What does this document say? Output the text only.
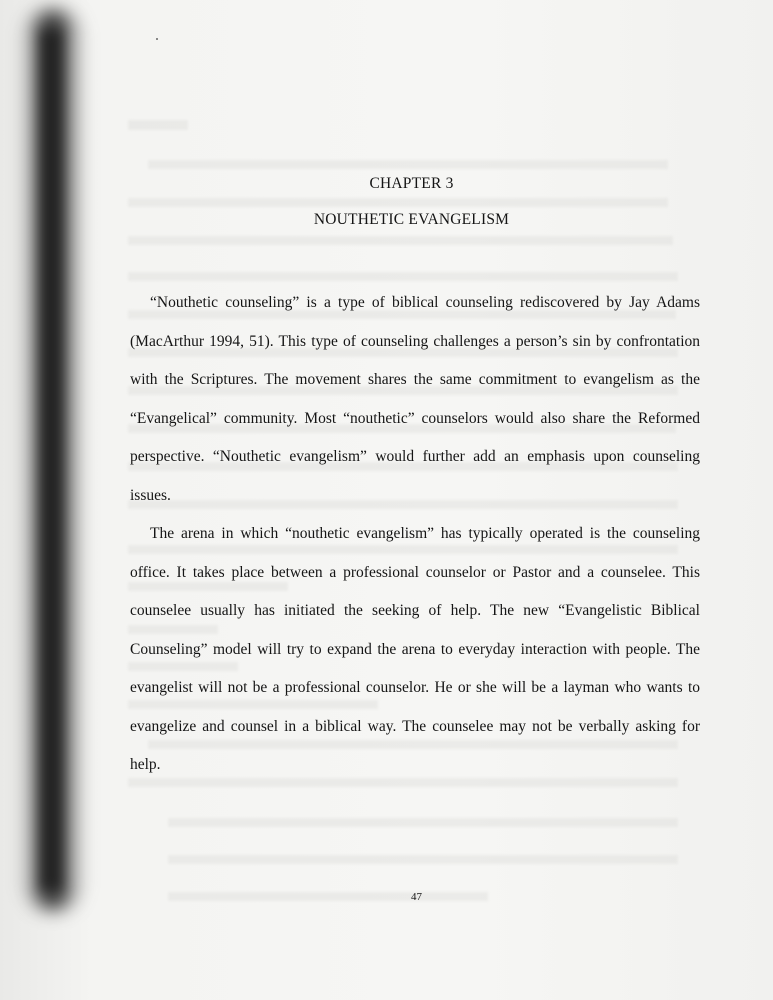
CHAPTER 3
NOUTHETIC EVANGELISM

“Nouthetic counseling” is a type of biblical counseling rediscovered by Jay Adams (MacArthur 1994, 51). This type of counseling challenges a person’s sin by confrontation with the Scriptures. The movement shares the same commitment to evangelism as the “Evangelical” community. Most “nouthetic” counselors would also share the Reformed perspective. “Nouthetic evangelism” would further add an emphasis upon counseling issues.

The arena in which “nouthetic evangelism” has typically operated is the counseling office. It takes place between a professional counselor or Pastor and a counselee. This counselee usually has initiated the seeking of help. The new “Evangelistic Biblical Counseling” model will try to expand the arena to everyday interaction with people. The evangelist will not be a professional counselor. He or she will be a layman who wants to evangelize and counsel in a biblical way. The counselee may not be verbally asking for help.

47
